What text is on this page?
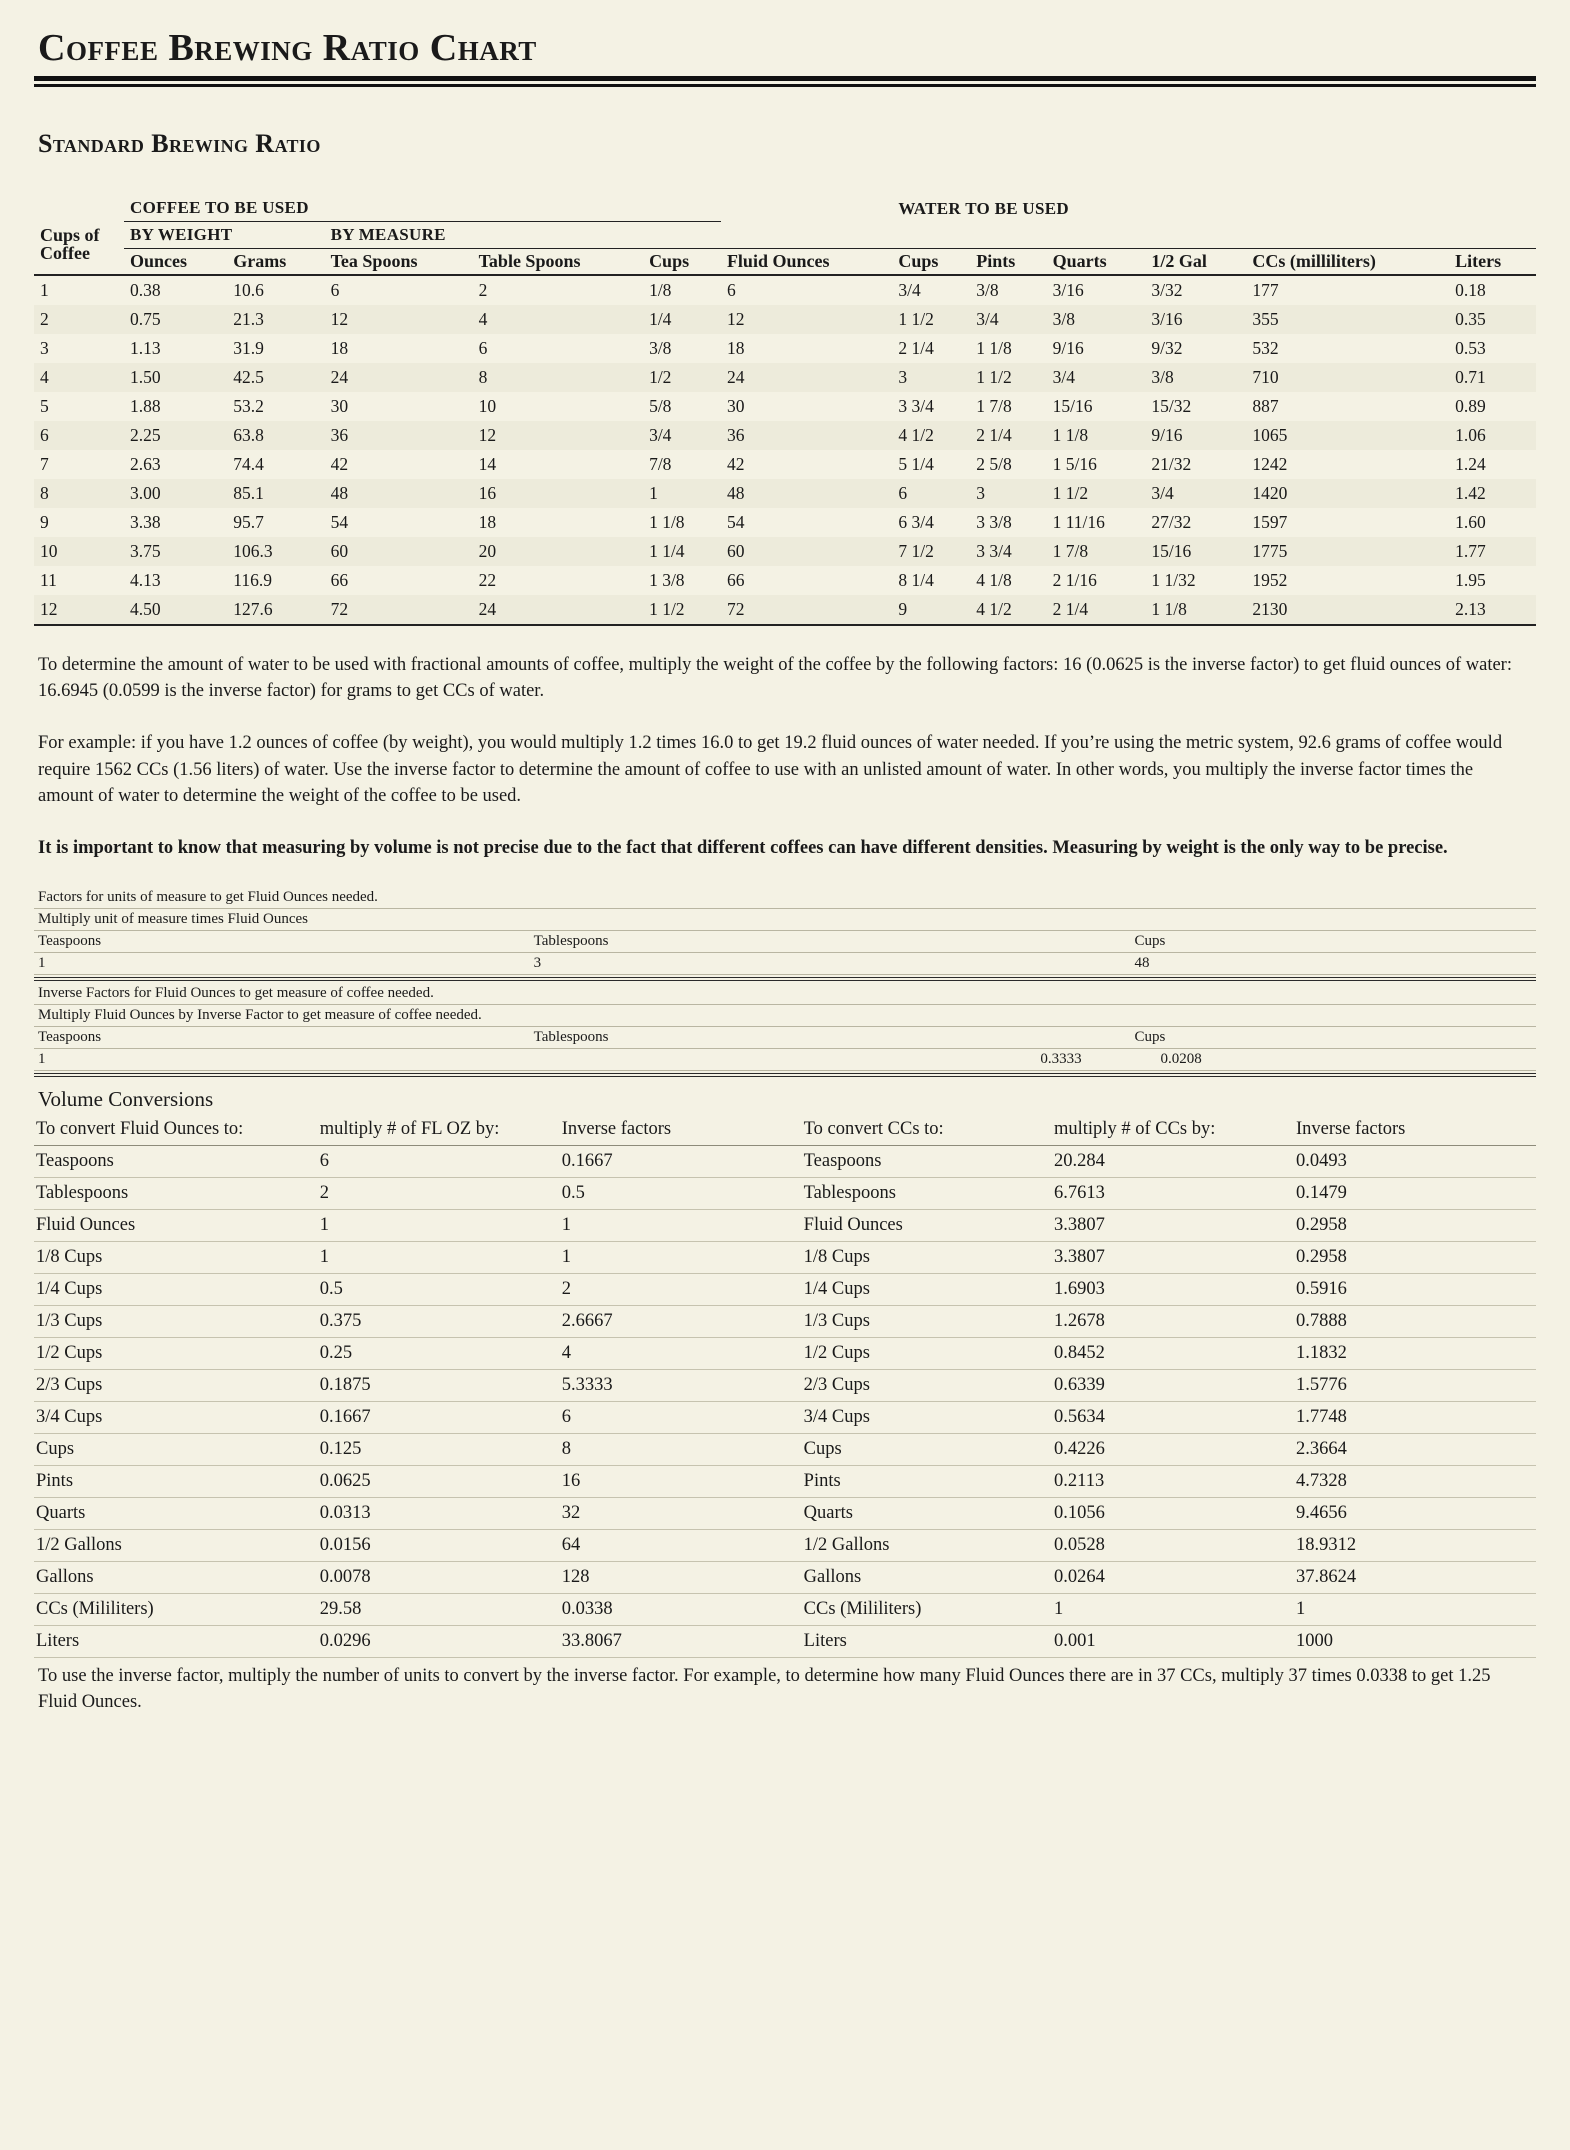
Coffee Brewing Ratio Chart
Standard Brewing Ratio
	COFFEE TO BE USED						WATER TO BE USED					
Cups of Coffee	BY WEIGHT		BY MEASURE									
	Ounces	Grams	Tea Spoons	Table Spoons	Cups	Fluid Ounces	Cups	Pints	Quarts	1/2 Gal	CCs (milliliters)	Liters
1	0.38	10.6	6	2	1/8	6	3/4	3/8	3/16	3/32	177	0.18
2	0.75	21.3	12	4	1/4	12	1 1/2	3/4	3/8	3/16	355	0.35
3	1.13	31.9	18	6	3/8	18	2 1/4	1 1/8	9/16	9/32	532	0.53
4	1.50	42.5	24	8	1/2	24	3	1 1/2	3/4	3/8	710	0.71
5	1.88	53.2	30	10	5/8	30	3 3/4	1 7/8	15/16	15/32	887	0.89
6	2.25	63.8	36	12	3/4	36	4 1/2	2 1/4	1 1/8	9/16	1065	1.06
7	2.63	74.4	42	14	7/8	42	5 1/4	2 5/8	1 5/16	21/32	1242	1.24
8	3.00	85.1	48	16	1	48	6	3	1 1/2	3/4	1420	1.42
9	3.38	95.7	54	18	1 1/8	54	6 3/4	3 3/8	1 11/16	27/32	1597	1.60
10	3.75	106.3	60	20	1 1/4	60	7 1/2	3 3/4	1 7/8	15/16	1775	1.77
11	4.13	116.9	66	22	1 3/8	66	8 1/4	4 1/8	2 1/16	1 1/32	1952	1.95
12	4.50	127.6	72	24	1 1/2	72	9	4 1/2	2 1/4	1 1/8	2130	2.13

To determine the amount of water to be used with fractional amounts of coffee, multiply the weight of the coffee by the following factors: 16 (0.0625 is the inverse factor) to get fluid ounces of water: 16.6945 (0.0599 is the inverse factor) for grams to get CCs of water.

For example: if you have 1.2 ounces of coffee (by weight), you would multiply 1.2 times 16.0 to get 19.2 fluid ounces of water needed. If you’re using the metric system, 92.6 grams of coffee would require 1562 CCs (1.56 liters) of water. Use the inverse factor to determine the amount of coffee to use with an unlisted amount of water. In other words, you multiply the inverse factor times the amount of water to determine the weight of the coffee to be used.

It is important to know that measuring by volume is not precise due to the fact that different coffees can have different densities. Measuring by weight is the only way to be precise.

Factors for units of measure to get Fluid Ounces needed.		
Multiply unit of measure times Fluid Ounces		
Teaspoons	Tablespoons	Cups
1	3	48
Inverse Factors for Fluid Ounces to get measure of coffee needed.		
Multiply Fluid Ounces by Inverse Factor to get measure of coffee needed.		
Teaspoons	Tablespoons	Cups
1	0.3333	0.0208
Volume Conversions
To convert Fluid Ounces to:	multiply # of FL OZ by:	Inverse factors	To convert CCs to:	multiply # of CCs by:	Inverse factors
Teaspoons	6	0.1667	Teaspoons	20.284	0.0493
Tablespoons	2	0.5	Tablespoons	6.7613	0.1479
Fluid Ounces	1	1	Fluid Ounces	3.3807	0.2958
1/8 Cups	1	1	1/8 Cups	3.3807	0.2958
1/4 Cups	0.5	2	1/4 Cups	1.6903	0.5916
1/3 Cups	0.375	2.6667	1/3 Cups	1.2678	0.7888
1/2 Cups	0.25	4	1/2 Cups	0.8452	1.1832
2/3 Cups	0.1875	5.3333	2/3 Cups	0.6339	1.5776
3/4 Cups	0.1667	6	3/4 Cups	0.5634	1.7748
Cups	0.125	8	Cups	0.4226	2.3664
Pints	0.0625	16	Pints	0.2113	4.7328
Quarts	0.0313	32	Quarts	0.1056	9.4656
1/2 Gallons	0.0156	64	1/2 Gallons	0.0528	18.9312
Gallons	0.0078	128	Gallons	0.0264	37.8624
CCs (Mililiters)	29.58	0.0338	CCs (Mililiters)	1	1
Liters	0.0296	33.8067	Liters	0.001	1000

To use the inverse factor, multiply the number of units to convert by the inverse factor. For example, to determine how many Fluid Ounces there are in 37 CCs, multiply 37 times 0.0338 to get 1.25 Fluid Ounces.
